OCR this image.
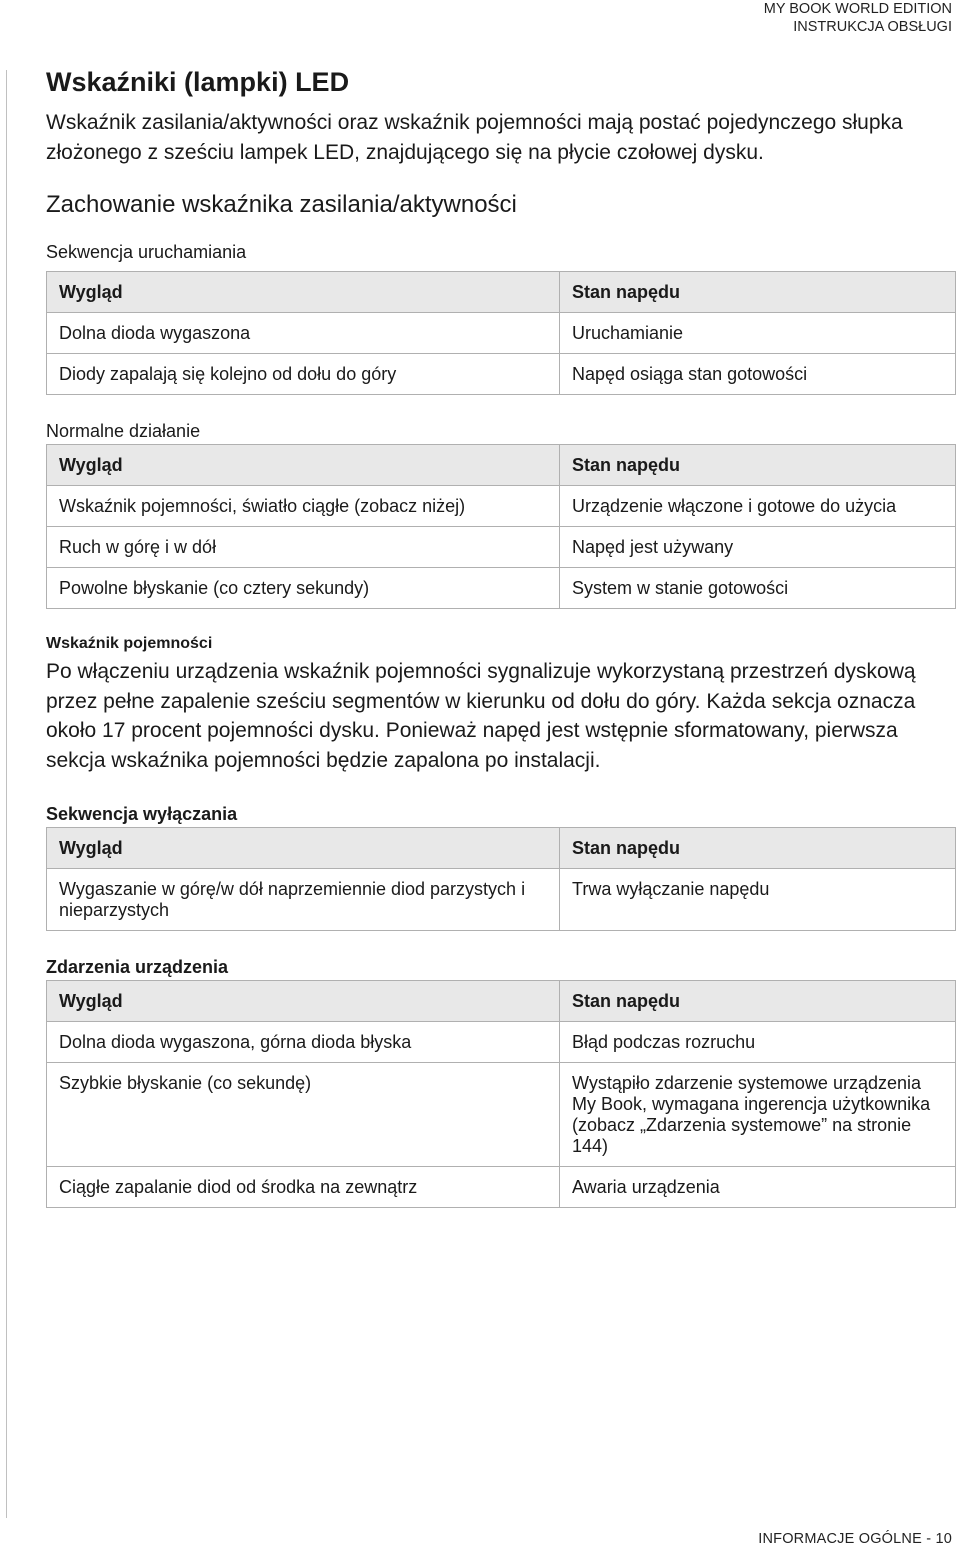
MY BOOK WORLD EDITION
INSTRUKCJA OBSŁUGI
Wskaźniki (lampki) LED

Wskaźnik zasilania/aktywności oraz wskaźnik pojemności mają postać pojedynczego słupka złożonego z sześciu lampek LED, znajdującego się na płycie czołowej dysku.

Zachowanie wskaźnika zasilania/aktywności

Sekwencja uruchamiania

Wygląd	Stan napędu
Dolna dioda wygaszona	Uruchamianie
Diody zapalają się kolejno od dołu do góry	Napęd osiąga stan gotowości

Normalne działanie

Wygląd	Stan napędu
Wskaźnik pojemności, światło ciągłe (zobacz niżej)	Urządzenie włączone i gotowe do użycia
Ruch w górę i w dół	Napęd jest używany
Powolne błyskanie (co cztery sekundy)	System w stanie gotowości

Wskaźnik pojemności

Po włączeniu urządzenia wskaźnik pojemności sygnalizuje wykorzystaną przestrzeń dyskową przez pełne zapalenie sześciu segmentów w kierunku od dołu do góry. Każda sekcja oznacza około 17 procent pojemności dysku. Ponieważ napęd jest wstępnie sformatowany, pierwsza sekcja wskaźnika pojemności będzie zapalona po instalacji.

Sekwencja wyłączania

Wygląd	Stan napędu
Wygaszanie w górę/w dół naprzemiennie diod parzystych i nieparzystych	Trwa wyłączanie napędu

Zdarzenia urządzenia

Wygląd	Stan napędu
Dolna dioda wygaszona, górna dioda błyska	Błąd podczas rozruchu
Szybkie błyskanie (co sekundę)	Wystąpiło zdarzenie systemowe urządzenia My Book, wymagana ingerencja użytkownika (zobacz „Zdarzenia systemowe” na stronie 144)
Ciągłe zapalanie diod od środka na zewnątrz	Awaria urządzenia
INFORMACJE OGÓLNE - 10
